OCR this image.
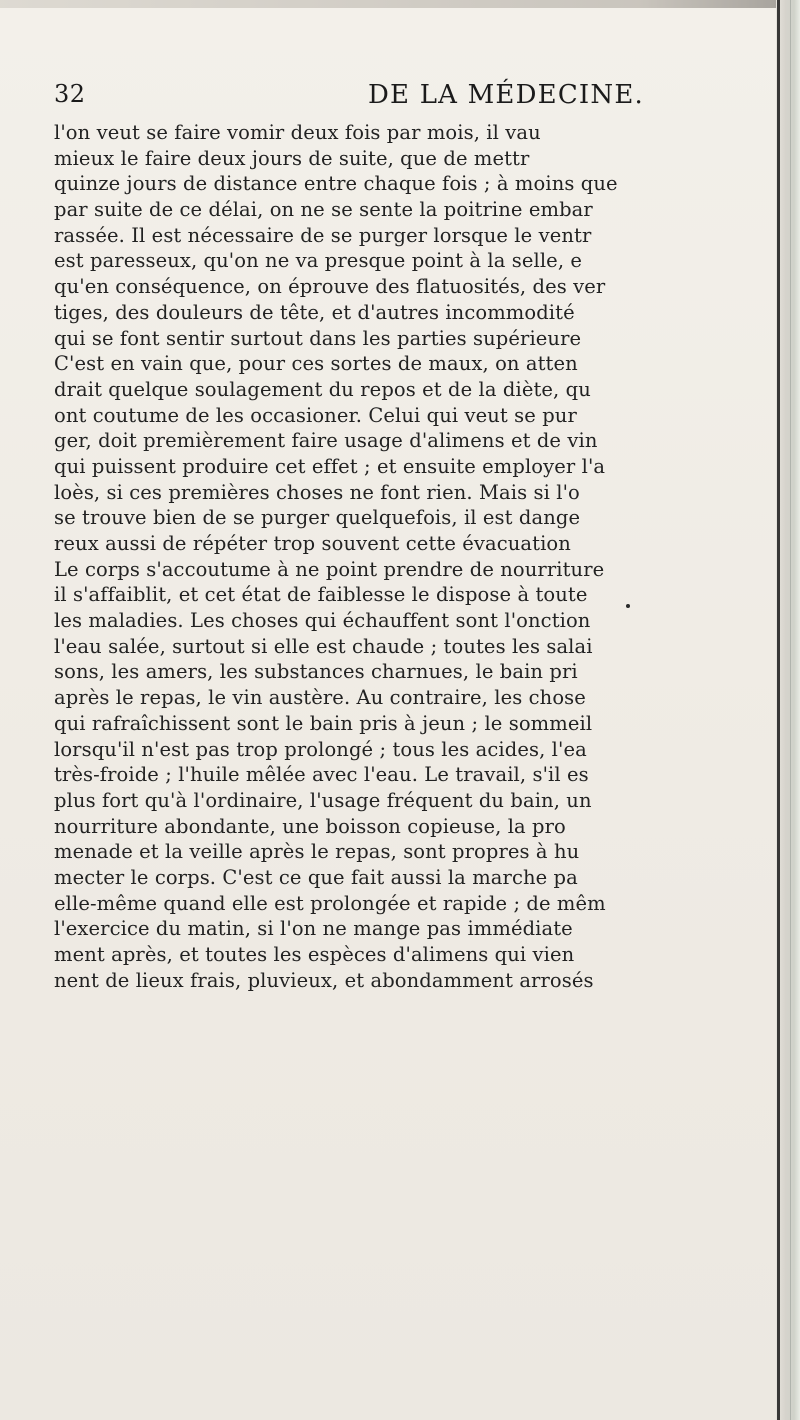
32	DE LA MÉDECINE.
l'on veut se faire vomir deux fois par mois, il vau
mieux le faire deux jours de suite, que de mettr
quinze jours de distance entre chaque fois ; à moins que
par suite de ce délai, on ne se sente la poitrine embar
rassée. Il est nécessaire de se purger lorsque le ventr
est paresseux, qu'on ne va presque point à la selle, e
qu'en conséquence, on éprouve des flatuosités, des ver
tiges, des douleurs de tête, et d'autres incommodité
qui se font sentir surtout dans les parties supérieure
C'est en vain que, pour ces sortes de maux, on atten
drait quelque soulagement du repos et de la diète, qu
ont coutume de les occasioner. Celui qui veut se pur
ger, doit premièrement faire usage d'alimens et de vin
qui puissent produire cet effet ; et ensuite employer l'a
loès, si ces premières choses ne font rien. Mais si l'o
se trouve bien de se purger quelquefois, il est dange
reux aussi de répéter trop souvent cette évacuation
Le corps s'accoutume à ne point prendre de nourriture
il s'affaiblit, et cet état de faiblesse le dispose à toute
les maladies. Les choses qui échauffent sont l'onction
l'eau salée, surtout si elle est chaude ; toutes les salai
sons, les amers, les substances charnues, le bain pri
après le repas, le vin austère. Au contraire, les chose
qui rafraîchissent sont le bain pris à jeun ; le sommeil
lorsqu'il n'est pas trop prolongé ; tous les acides, l'ea
très-froide ; l'huile mêlée avec l'eau. Le travail, s'il es
plus fort qu'à l'ordinaire, l'usage fréquent du bain, un
nourriture abondante, une boisson copieuse, la pro
menade et la veille après le repas, sont propres à hu
mecter le corps. C'est ce que fait aussi la marche pa
elle-même quand elle est prolongée et rapide ; de mêm
l'exercice du matin, si l'on ne mange pas immédiate
ment après, et toutes les espèces d'alimens qui vien
nent de lieux frais, pluvieux, et abondamment arrosés
